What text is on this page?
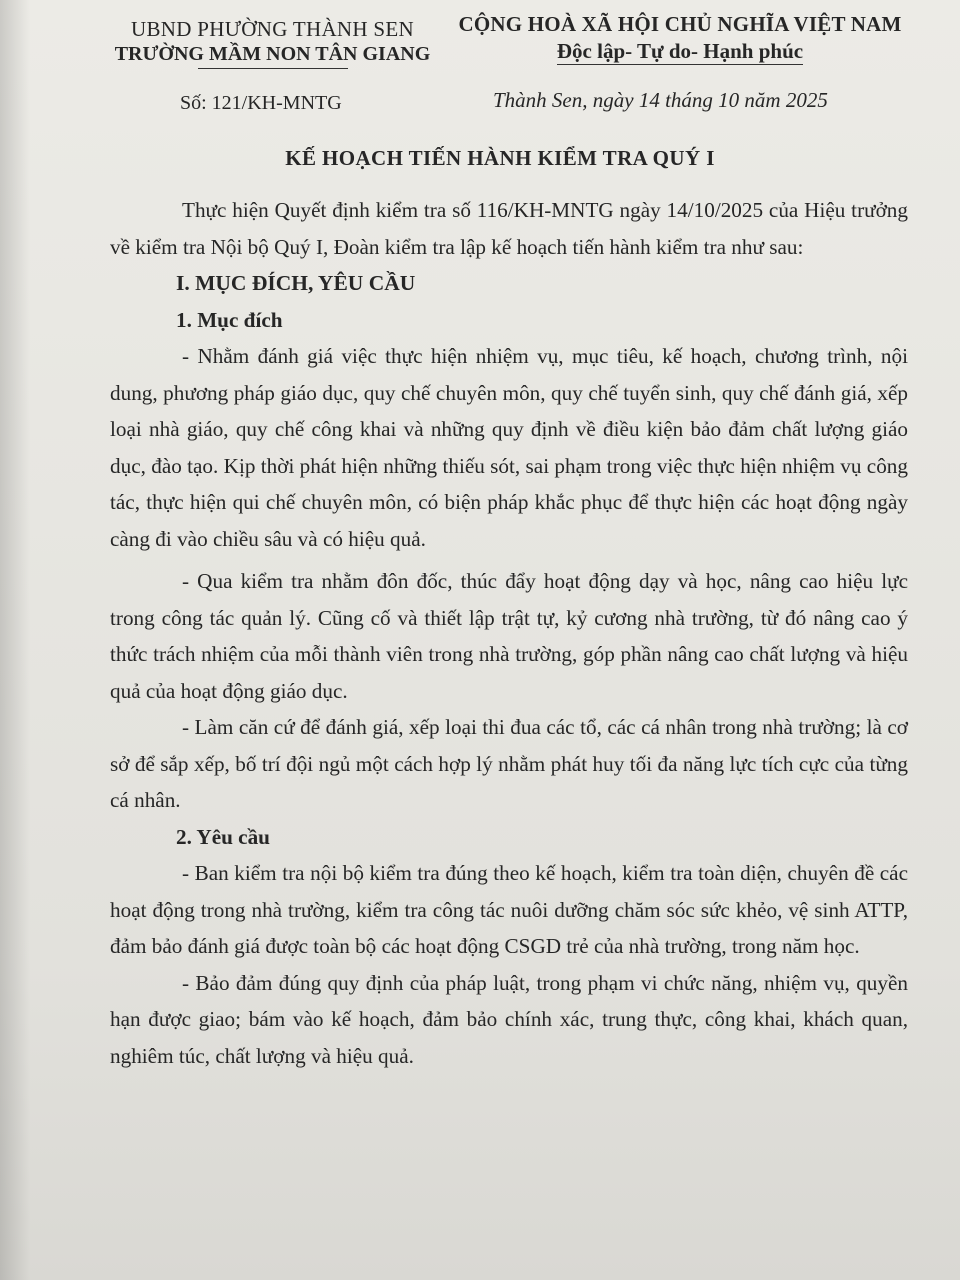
UBND PHƯỜNG THÀNH SEN
TRƯỜNG MẦM NON TÂN GIANG
CỘNG HOÀ XÃ HỘI CHỦ NGHĨA VIỆT NAM
Độc lập- Tự do- Hạnh phúc
Số: 121/KH-MNTG	Thành Sen, ngày 14 tháng 10 năm 2025
KẾ HOẠCH TIẾN HÀNH KIỂM TRA QUÝ I

Thực hiện Quyết định kiểm tra số 116/KH-MNTG ngày 14/10/2025 của Hiệu trưởng về kiểm tra Nội bộ Quý I, Đoàn kiểm tra lập kế hoạch tiến hành kiểm tra như sau:

I. MỤC ĐÍCH, YÊU CẦU

1. Mục đích

- Nhằm đánh giá việc thực hiện nhiệm vụ, mục tiêu, kế hoạch, chương trình, nội dung, phương pháp giáo dục, quy chế chuyên môn, quy chế tuyển sinh, quy chế đánh giá, xếp loại nhà giáo, quy chế công khai và những quy định về điều kiện bảo đảm chất lượng giáo dục, đào tạo. Kịp thời phát hiện những thiếu sót, sai phạm trong việc thực hiện nhiệm vụ công tác, thực hiện qui chế chuyên môn, có biện pháp khắc phục để thực hiện các hoạt động ngày càng đi vào chiều sâu và có hiệu quả.

- Qua kiểm tra nhằm đôn đốc, thúc đẩy hoạt động dạy và học, nâng cao hiệu lực trong công tác quản lý. Cũng cố và thiết lập trật tự, kỷ cương nhà trường, từ đó nâng cao ý thức trách nhiệm của mỗi thành viên trong nhà trường, góp phần nâng cao chất lượng và hiệu quả của hoạt động giáo dục.

- Làm căn cứ để đánh giá, xếp loại thi đua các tổ, các cá nhân trong nhà trường; là cơ sở để sắp xếp, bố trí đội ngủ một cách hợp lý nhằm phát huy tối đa năng lực tích cực của từng cá nhân.

2. Yêu cầu

- Ban kiểm tra nội bộ kiểm tra đúng theo kế hoạch, kiểm tra toàn diện, chuyên đề các hoạt động trong nhà trường, kiểm tra công tác nuôi dưỡng chăm sóc sức khẻo, vệ sinh ATTP, đảm bảo đánh giá được toàn bộ các hoạt động CSGD trẻ của nhà trường, trong năm học.

- Bảo đảm đúng quy định của pháp luật, trong phạm vi chức năng, nhiệm vụ, quyền hạn được giao; bám vào kế hoạch, đảm bảo chính xác, trung thực, công khai, khách quan, nghiêm túc, chất lượng và hiệu quả.
